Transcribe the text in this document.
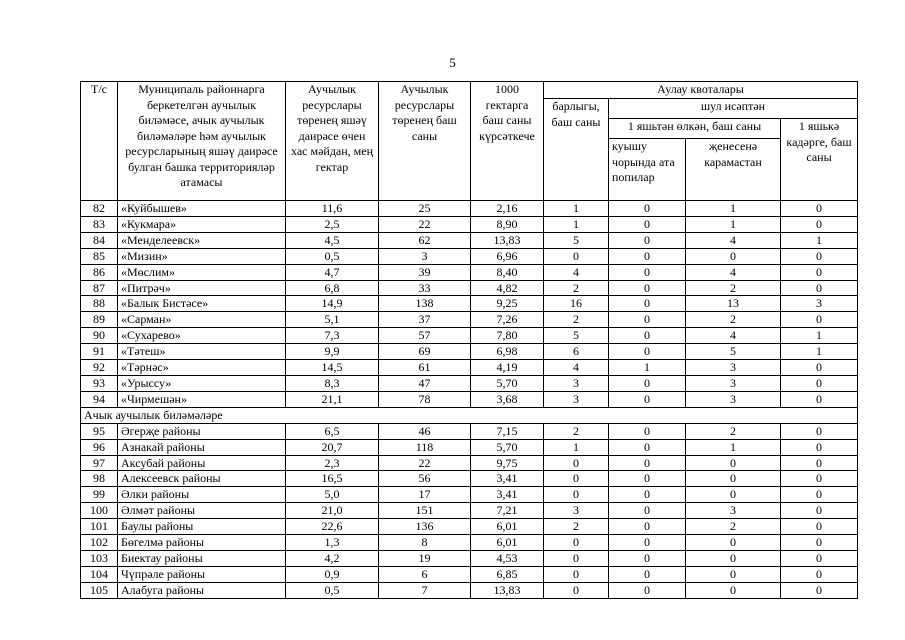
5
Т/с	Муниципаль районнарга беркетелгән аучылык биләмәсе, ачык аучылык биләмәләре һәм аучылык ресурсларының яшәү даирәсе булган башка территорияләр атамасы	Аучылык ресурслары төренең яшәү даирәсе өчен хас мәйдан, мең гектар	Аучылык ресурслары төренең баш саны	1000 гектарга баш саны күрсәткече	Аулау квоталары			
					барлыгы, баш саны	шул исәптән		
						1 яшьтән өлкән, баш саны		1 яшькә кадәрге, баш саны
						куышу чорында ата попилар	җенесенә карамастан	
82	«Куйбышев»	11,6	25	2,16	1	0	1	0
83	«Кукмара»	2,5	22	8,90	1	0	1	0
84	«Менделеевск»	4,5	62	13,83	5	0	4	1
85	«Мизин»	0,5	3	6,96	0	0	0	0
86	«Мөслим»	4,7	39	8,40	4	0	4	0
87	«Питрәч»	6,8	33	4,82	2	0	2	0
88	«Балык Бистәсе»	14,9	138	9,25	16	0	13	3
89	«Сарман»	5,1	37	7,26	2	0	2	0
90	«Сухарево»	7,3	57	7,80	5	0	4	1
91	«Тәтеш»	9,9	69	6,98	6	0	5	1
92	«Тәрнәс»	14,5	61	4,19	4	1	3	0
93	«Урыссу»	8,3	47	5,70	3	0	3	0
94	«Чирмешән»	21,1	78	3,68	3	0	3	0
Ачык аучылык биләмәләре								
95	Әгерҗе районы	6,5	46	7,15	2	0	2	0
96	Азнакай районы	20,7	118	5,70	1	0	1	0
97	Аксубай районы	2,3	22	9,75	0	0	0	0
98	Алексеевск районы	16,5	56	3,41	0	0	0	0
99	Әлки районы	5,0	17	3,41	0	0	0	0
100	Әлмәт районы	21,0	151	7,21	3	0	3	0
101	Баулы районы	22,6	136	6,01	2	0	2	0
102	Бөгелмә районы	1,3	8	6,01	0	0	0	0
103	Биектау районы	4,2	19	4,53	0	0	0	0
104	Чүпрәле районы	0,9	6	6,85	0	0	0	0
105	Алабуга районы	0,5	7	13,83	0	0	0	0
